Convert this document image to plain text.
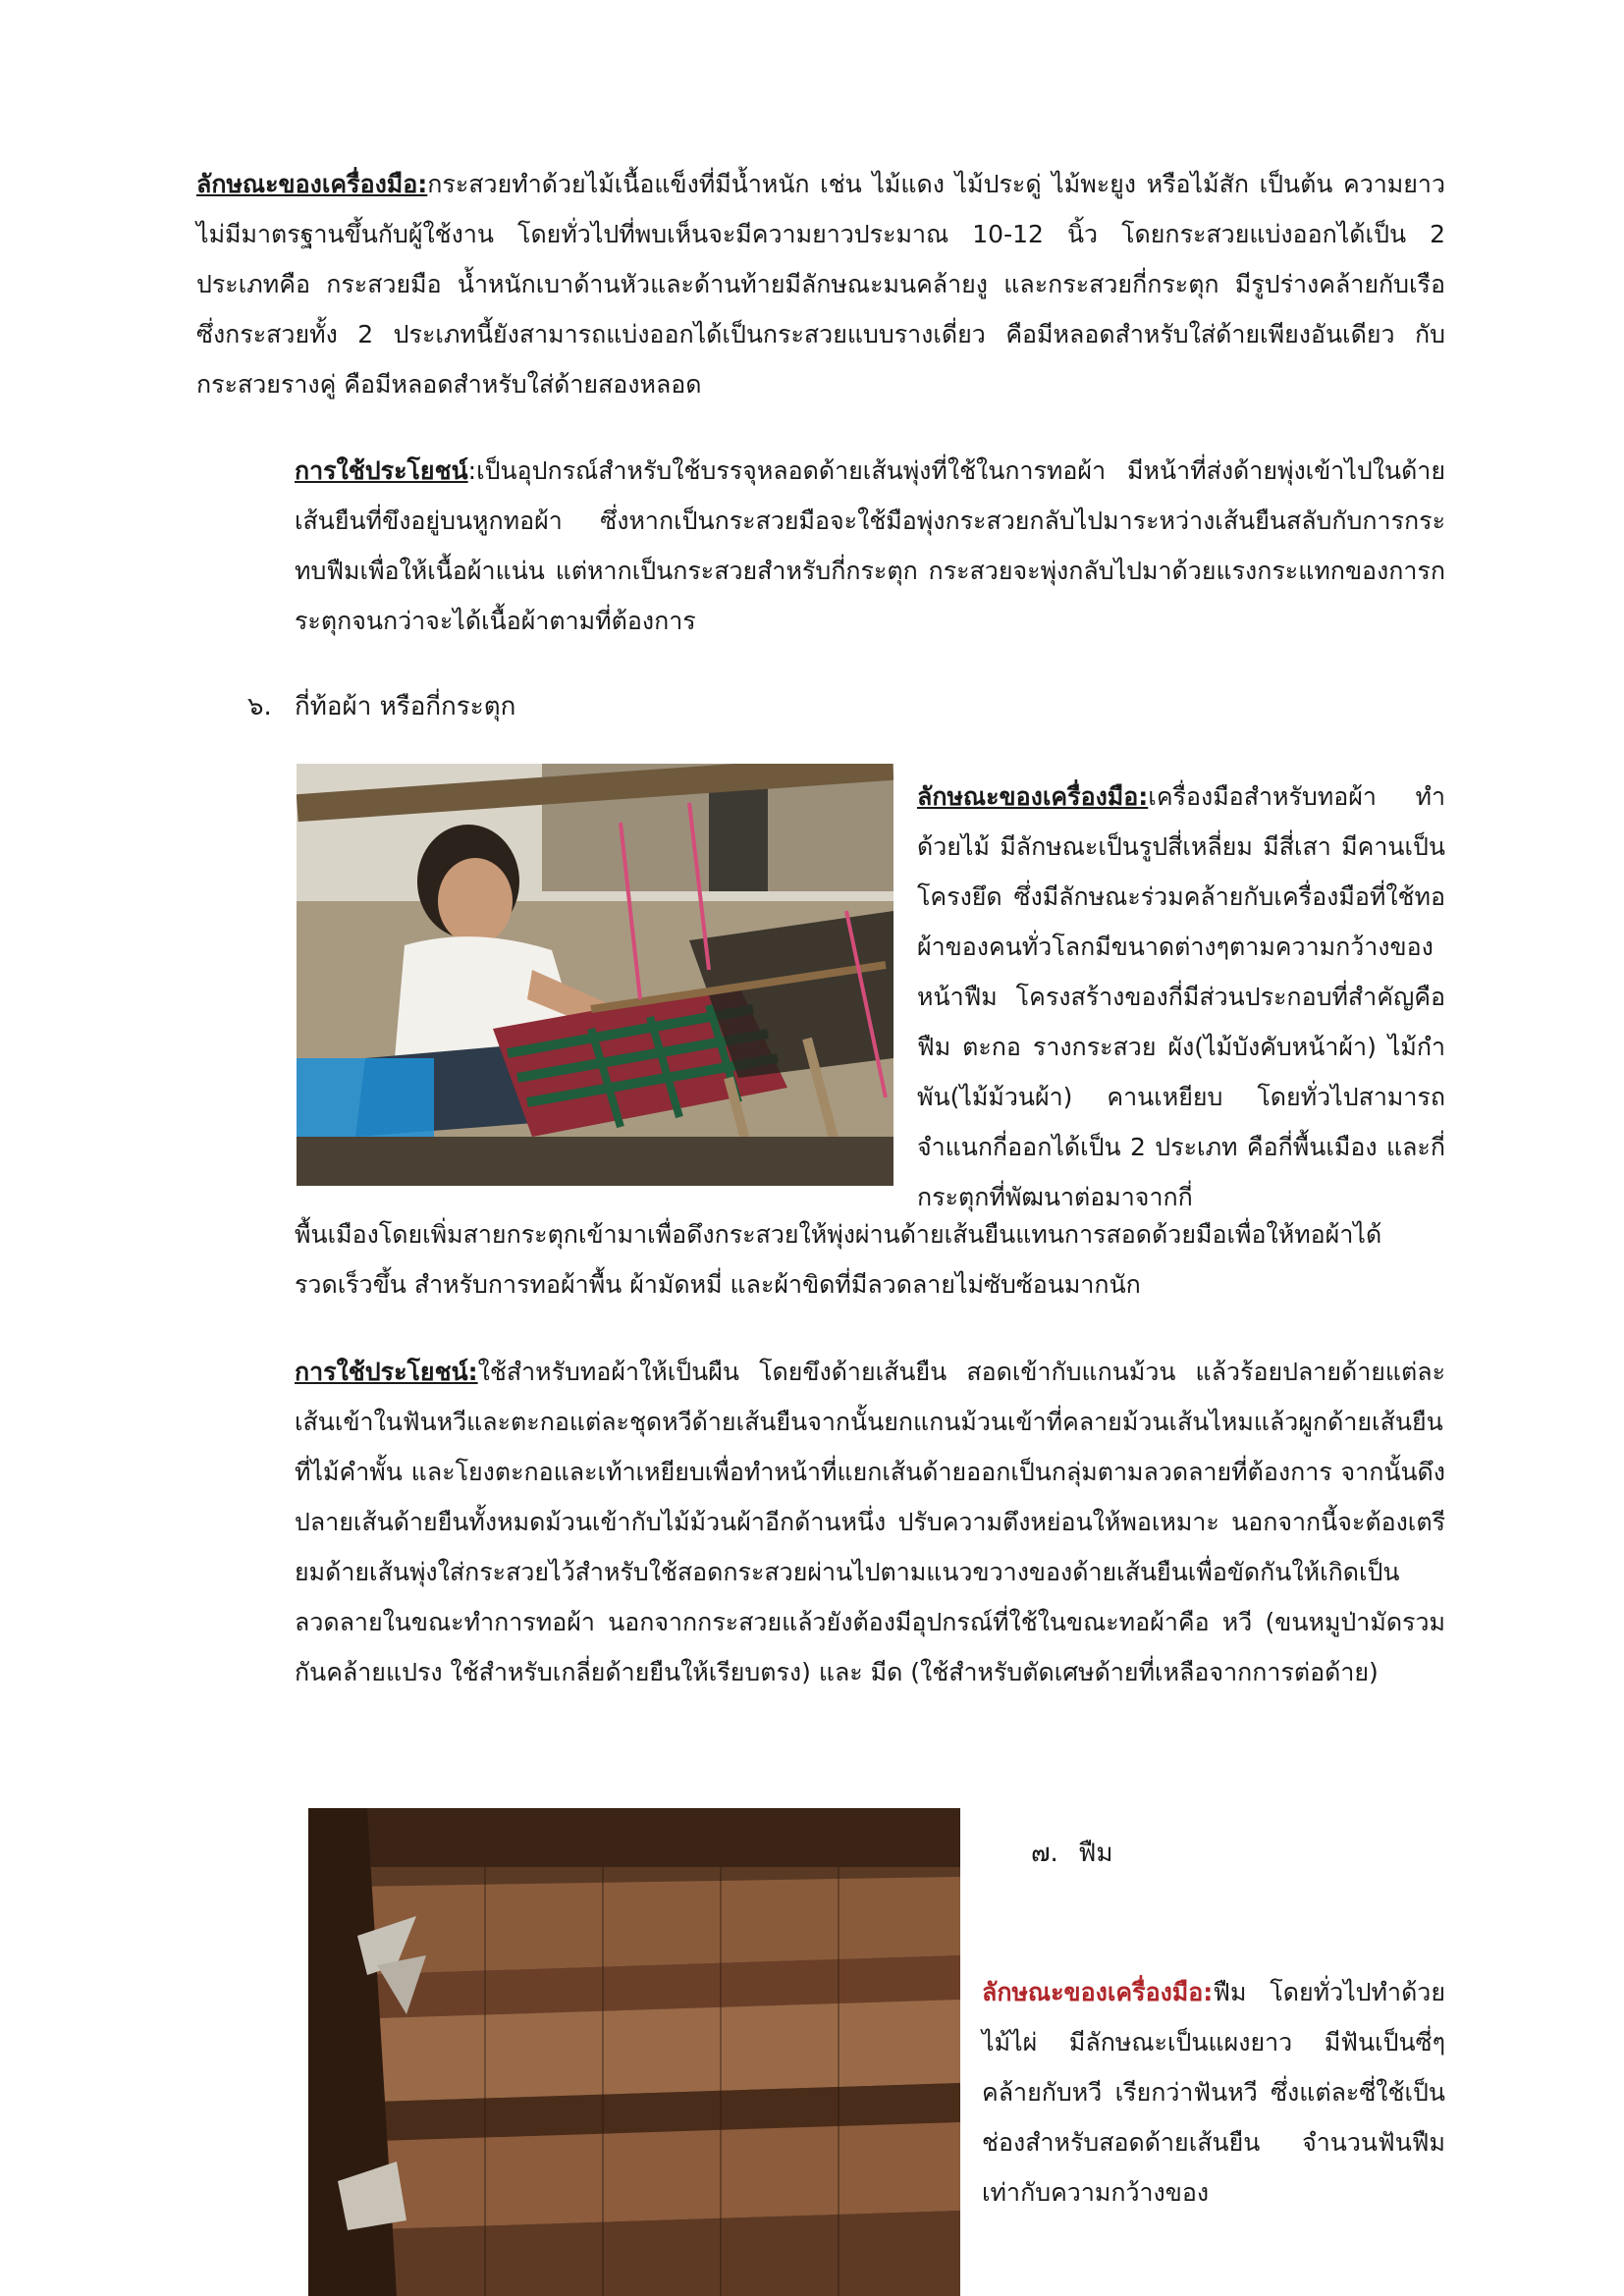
ลักษณะของเครื่องมือ:กระสวยทำด้วยไม้เนื้อแข็งที่มีน้ำหนัก เช่น ไม้แดง ไม้ประดู่ ไม้พะยูง หรือไม้สัก เป็นต้น ความยาวไม่มีมาตรฐานขึ้นกับผู้ใช้งาน โดยทั่วไปที่พบเห็นจะมีความยาวประมาณ 10-12 นิ้ว โดยกระสวยแบ่งออกได้เป็น 2 ประเภทคือ กระสวยมือ น้ำหนักเบาด้านหัวและด้านท้ายมีลักษณะมนคล้ายงู และกระสวยกี่กระตุก มีรูปร่างคล้ายกับเรือ ซึ่งกระสวยทั้ง 2 ประเภทนี้ยังสามารถแบ่งออกได้เป็นกระสวยแบบรางเดี่ยว คือมีหลอดสำหรับใส่ด้ายเพียงอันเดียว กับกระสวยรางคู่ คือมีหลอดสำหรับใส่ด้ายสองหลอด

การใช้ประโยชน์:เป็นอุปกรณ์สำหรับใช้บรรจุหลอดด้ายเส้นพุ่งที่ใช้ในการทอผ้า มีหน้าที่ส่งด้ายพุ่งเข้าไปในด้ายเส้นยืนที่ขึงอยู่บนหูกทอผ้า ซึ่งหากเป็นกระสวยมือจะใช้มือพุ่งกระสวยกลับไปมาระหว่างเส้นยืนสลับกับการกระทบฟืมเพื่อให้เนื้อผ้าแน่น แต่หากเป็นกระสวยสำหรับกี่กระตุก กระสวยจะพุ่งกลับไปมาด้วยแรงกระแทกของการกระตุกจนกว่าจะได้เนื้อผ้าตามที่ต้องการ

๖. กี่ท้อผ้า หรือกี่กระตุก

ลักษณะของเครื่องมือ:เครื่องมือสำหรับทอผ้า ทำด้วยไม้ มีลักษณะเป็นรูปสี่เหลี่ยม มีสี่เสา มีคานเป็นโครงยึด ซึ่งมีลักษณะร่วมคล้ายกับเครื่องมือที่ใช้ทอผ้าของคนทั่วโลกมีขนาดต่างๆตามความกว้างของหน้าฟืม โครงสร้างของกี่มีส่วนประกอบที่สำคัญคือ ฟืม ตะกอ รางกระสวย ผัง(ไม้บังคับหน้าผ้า) ไม้กำพัน(ไม้ม้วนผ้า) คานเหยียบ โดยทั่วไปสามารถจำแนกกี่ออกได้เป็น 2 ประเภท คือกี่พื้นเมือง และกี่กระตุกที่พัฒนาต่อมาจากกี่

พื้นเมืองโดยเพิ่มสายกระตุกเข้ามาเพื่อดึงกระสวยให้พุ่งผ่านด้ายเส้นยืนแทนการสอดด้วยมือเพื่อให้ทอผ้าได้รวดเร็วขึ้น สำหรับการทอผ้าพื้น ผ้ามัดหมี่ และผ้าขิดที่มีลวดลายไม่ซับซ้อนมากนัก

การใช้ประโยชน์:ใช้สำหรับทอผ้าให้เป็นผืน โดยขึงด้ายเส้นยืน สอดเข้ากับแกนม้วน แล้วร้อยปลายด้ายแต่ละเส้นเข้าในฟันหวีและตะกอแต่ละชุดหวีด้ายเส้นยืนจากนั้นยกแกนม้วนเข้าที่คลายม้วนเส้นไหมแล้วผูกด้ายเส้นยืนที่ไม้คำพั้น และโยงตะกอและเท้าเหยียบเพื่อทำหน้าที่แยกเส้นด้ายออกเป็นกลุ่มตามลวดลายที่ต้องการ จากนั้นดึงปลายเส้นด้ายยืนทั้งหมดม้วนเข้ากับไม้ม้วนผ้าอีกด้านหนึ่ง ปรับความตึงหย่อนให้พอเหมาะ นอกจากนี้จะต้องเตรียมด้ายเส้นพุ่งใส่กระสวยไว้สำหรับใช้สอดกระสวยผ่านไปตามแนวขวางของด้ายเส้นยืนเพื่อขัดกันให้เกิดเป็นลวดลายในขณะทำการทอผ้า นอกจากกระสวยแล้วยังต้องมีอุปกรณ์ที่ใช้ในขณะทอผ้าคือ หวี (ขนหมูป่ามัดรวมกันคล้ายแปรง ใช้สำหรับเกลี่ยด้ายยืนให้เรียบตรง) และ มีด (ใช้สำหรับตัดเศษด้ายที่เหลือจากการต่อด้าย)

๗. ฟืม

ลักษณะของเครื่องมือ:ฟืม โดยทั่วไปทำด้วยไม้ไผ่ มีลักษณะเป็นแผงยาว มีฟันเป็นซี่ๆคล้ายกับหวี เรียกว่าฟันหวี ซึ่งแต่ละซี่ใช้เป็นช่องสำหรับสอดด้ายเส้นยืน จำนวนฟันฟืมเท่ากับความกว้างของ
